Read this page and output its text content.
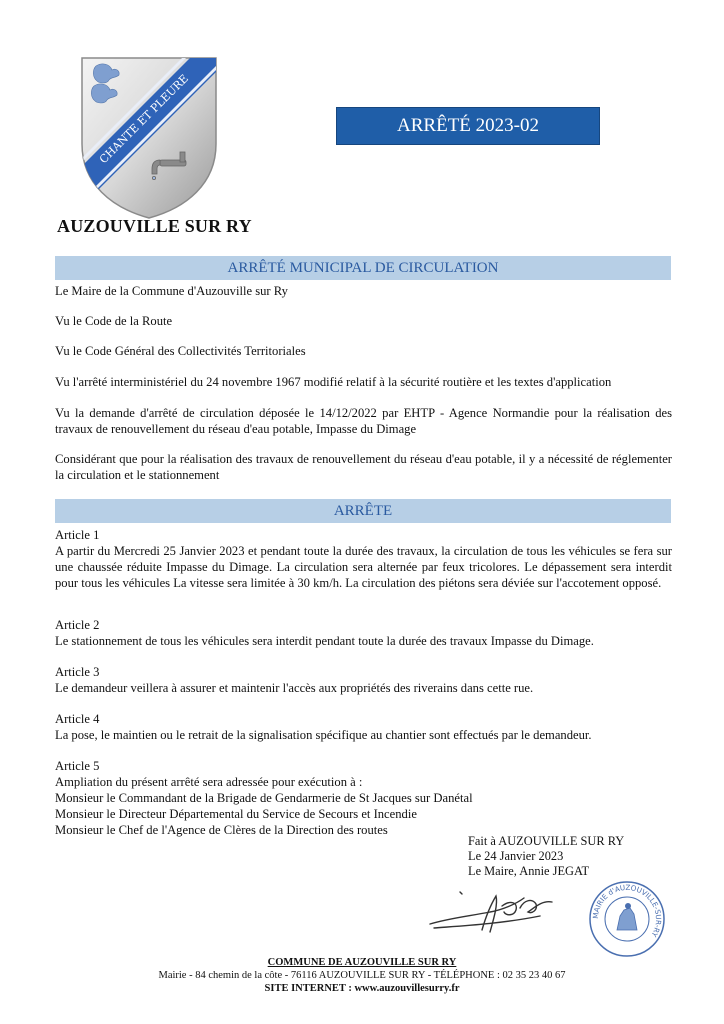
CHANTE ET PLEURE	ARRÊTÉ 2023-02
AUZOUVILLE SUR RY
ARRÊTÉ MUNICIPAL DE CIRCULATION
Le Maire de la Commune d'Auzouville sur Ry
Vu le Code de la Route
Vu le Code Général des Collectivités Territoriales
Vu l'arrêté interministériel du 24 novembre 1967 modifié relatif à la sécurité routière et les textes d'application
Vu la demande d'arrêté de circulation déposée le 14/12/2022 par EHTP - Agence Normandie pour la réalisation des travaux de renouvellement du réseau d'eau potable, Impasse du Dimage
Considérant que pour la réalisation des travaux de renouvellement du réseau d'eau potable, il y a nécessité de réglementer la circulation et le stationnement
ARRÊTE
Article 1
A partir du Mercredi 25 Janvier 2023 et pendant toute la durée des travaux, la circulation de tous les véhicules se fera sur une chaussée réduite Impasse du Dimage. La circulation sera alternée par feux tricolores. Le dépassement sera interdit pour tous les véhicules La vitesse sera limitée à 30 km/h. La circulation des piétons sera déviée sur l'accotement opposé.
Article 2
Le stationnement de tous les véhicules sera interdit pendant toute la durée des travaux Impasse du Dimage.
Article 3
Le demandeur veillera à assurer et maintenir l'accès aux propriétés des riverains dans cette rue.
Article 4
La pose, le maintien ou le retrait de la signalisation spécifique au chantier sont effectués par le demandeur.
Article 5
Ampliation du présent arrêté sera adressée pour exécution à :
Monsieur le Commandant de la Brigade de Gendarmerie de St Jacques sur Danétal
Monsieur le Directeur Départemental du Service de Secours et Incendie
Monsieur le Chef de l'Agence de Clères de la Direction des routes
Fait à AUZOUVILLE SUR RY
Le 24 Janvier 2023
Le Maire, Annie JEGAT
MAIRIE d'AUZOUVILLE-SUR-RY
COMMUNE DE AUZOUVILLE SUR RY
Mairie - 84 chemin de la côte - 76116 AUZOUVILLE SUR RY - TÉLÉPHONE : 02 35 23 40 67
SITE INTERNET : www.auzouvillesurry.fr
